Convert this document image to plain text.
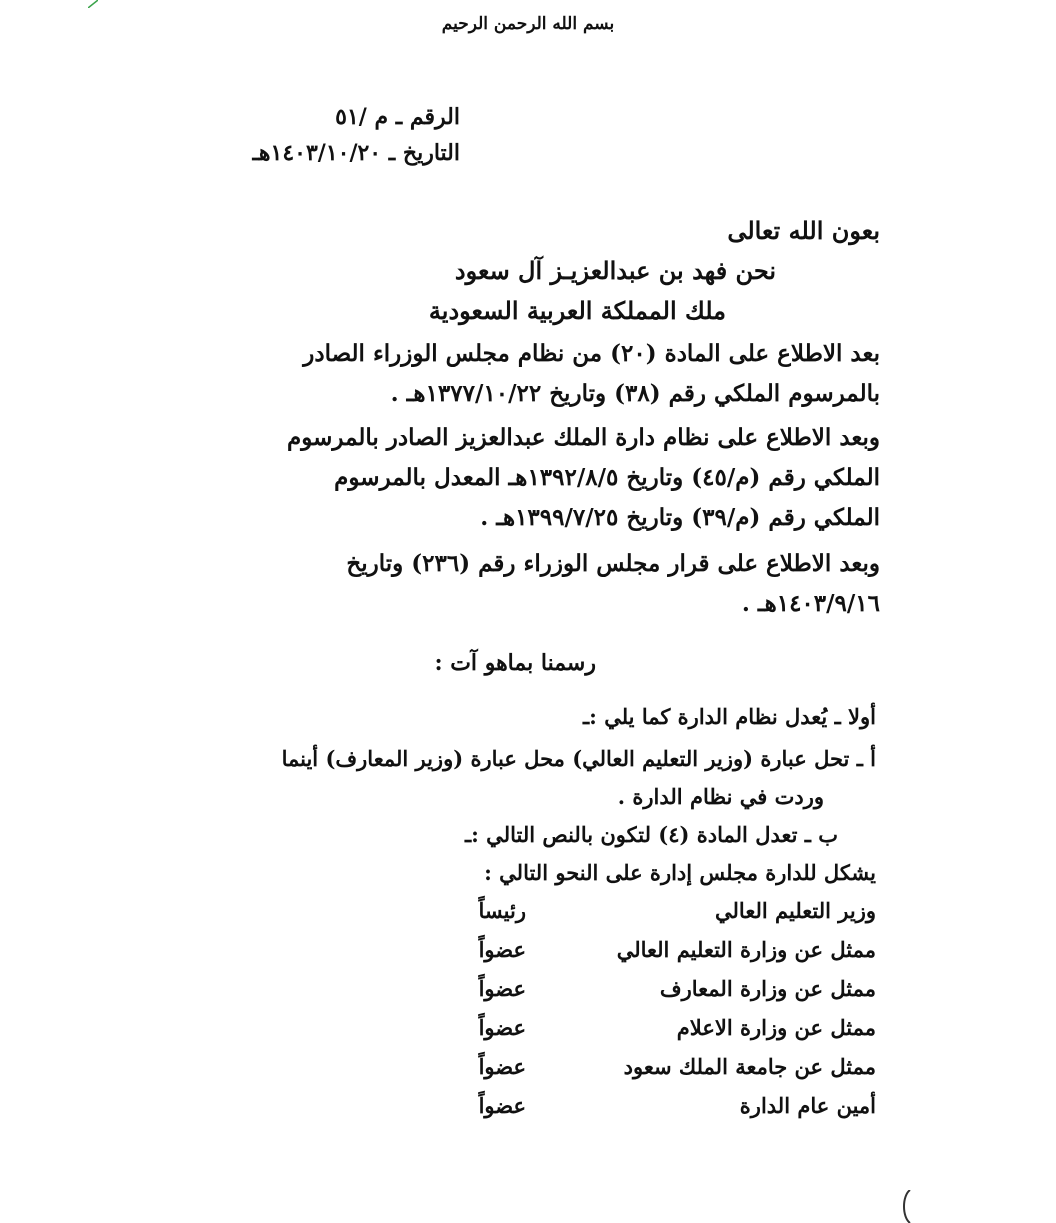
بسم الله الرحمن الرحيم
الرقم ـ م /٥١
التاريخ ـ ١٤٠٣/١٠/٢٠هـ
بعون الله تعالى
نحن فهد بن عبدالعزيـز آل سعود
ملك المملكة العربية السعودية
بعد الاطلاع على المادة (٢٠) من نظام مجلس الوزراء الصادر
بالمرسوم الملكي رقم (٣٨) وتاريخ ١٣٧٧/١٠/٢٢هـ .
وبعد الاطلاع على نظام دارة الملك عبدالعزيز الصادر بالمرسوم
الملكي رقم (م/٤٥) وتاريخ ١٣٩٢/٨/٥هـ المعدل بالمرسوم
الملكي رقم (م/٣٩) وتاريخ ١٣٩٩/٧/٢٥هـ .
وبعد الاطلاع على قرار مجلس الوزراء رقم (٢٣٦) وتاريخ
١٤٠٣/٩/١٦هـ .
رسمنا بماهو آت :
أولا ـ يُعدل نظام الدارة كما يلي :ـ
أ ـ تحل عبارة (وزير التعليم العالي) محل عبارة (وزير المعارف) أينما
وردت في نظام الدارة .
ب ـ تعدل المادة (٤) لتكون بالنص التالي :ـ
يشكل للدارة مجلس إدارة على النحو التالي :
وزير التعليم العالي
رئيساً
ممثل عن وزارة التعليم العالي
عضواً
ممثل عن وزارة المعارف
عضواً
ممثل عن وزارة الاعلام
عضواً
ممثل عن جامعة الملك سعود
عضواً
أمين عام الدارة
عضواً
